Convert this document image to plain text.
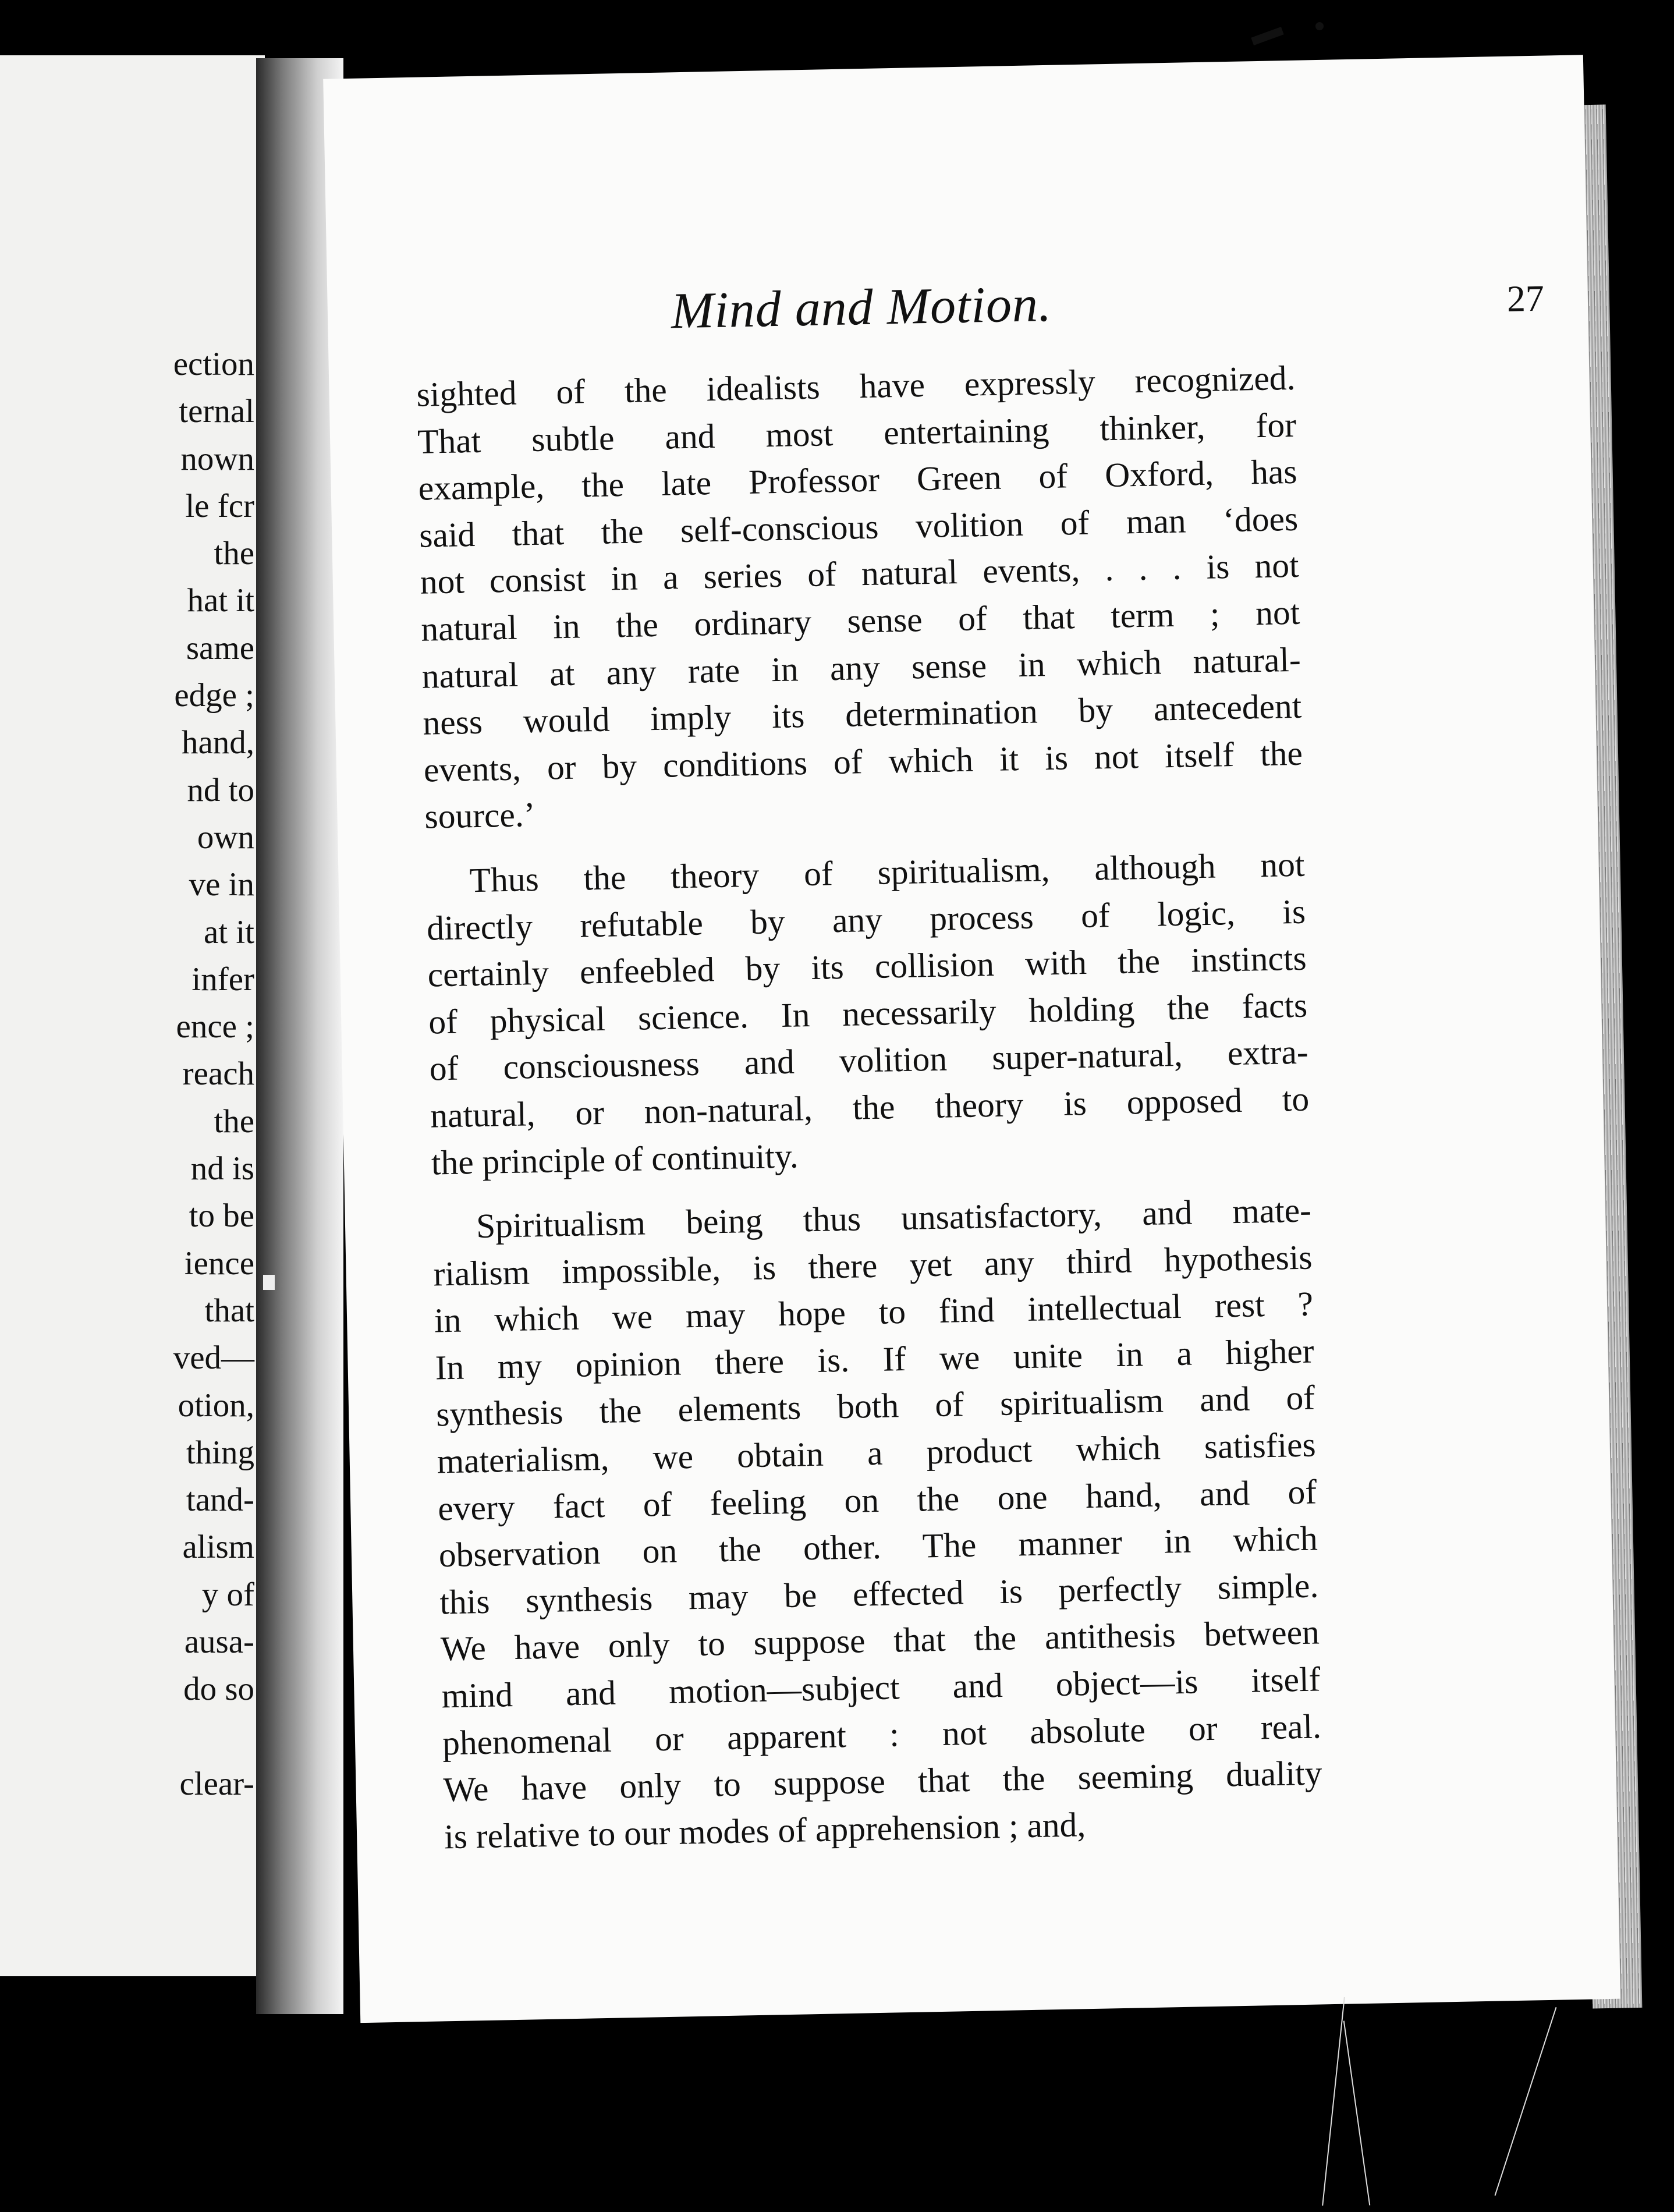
ection
ternal
nown
le fcr
the
hat it
same
edge ;
hand,
nd to
own
ve in
at it
infer
ence ;
reach
the
nd is
to be
ience
that
ved—
otion,
thing
tand-
alism
y of
ausa-
do so
clear-
Mind and Motion.	27
sighted of the idealists have expressly recognized.
That subtle and most entertaining thinker, for
example, the late Professor Green of Oxford, has
said that the self-conscious volition of man ‘does
not consist in a series of natural events, . . . is not
natural in the ordinary sense of that term ; not
natural at any rate in any sense in which natural-
ness would imply its determination by antecedent
events, or by conditions of which it is not itself the
source.’
Thus the theory of spiritualism, although not
directly refutable by any process of logic, is
certainly enfeebled by its collision with the instincts
of physical science. In necessarily holding the facts
of consciousness and volition super-natural, extra-
natural, or non-natural, the theory is opposed to
the principle of continuity.
Spiritualism being thus unsatisfactory, and mate-
rialism impossible, is there yet any third hypothesis
in which we may hope to find intellectual rest ?
In my opinion there is. If we unite in a higher
synthesis the elements both of spiritualism and of
materialism, we obtain a product which satisfies
every fact of feeling on the one hand, and of
observation on the other. The manner in which
this synthesis may be effected is perfectly simple.
We have only to suppose that the antithesis between
mind and motion—subject and object—is itself
phenomenal or apparent : not absolute or real.
We have only to suppose that the seeming duality
is relative to our modes of apprehension ; and,
